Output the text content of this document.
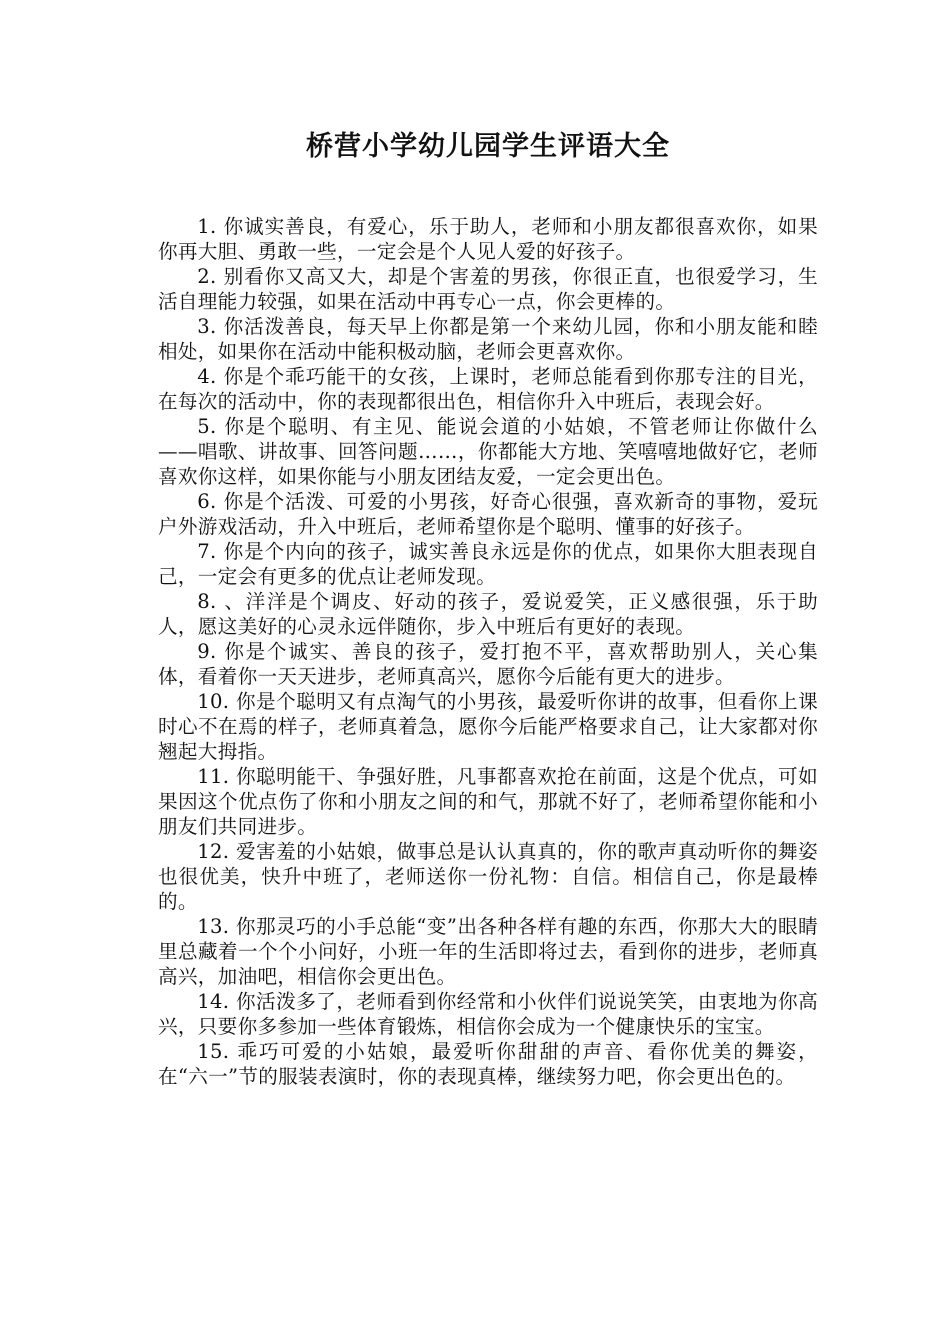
桥营小学幼儿园学生评语大全

1. 你诚实善良，有爱心，乐于助人，老师和小朋友都很喜欢你，如果你再大胆、勇敢一些，一定会是个人见人爱的好孩子。

2. 别看你又高又大，却是个害羞的男孩，你很正直，也很爱学习，生活自理能力较强，如果在活动中再专心一点，你会更棒的。

3. 你活泼善良，每天早上你都是第一个来幼儿园，你和小朋友能和睦相处，如果你在活动中能积极动脑，老师会更喜欢你。

4. 你是个乖巧能干的女孩，上课时，老师总能看到你那专注的目光，在每次的活动中，你的表现都很出色，相信你升入中班后，表现会好。

5. 你是个聪明、有主见、能说会道的小姑娘，不管老师让你做什么——唱歌、讲故事、回答问题……，你都能大方地、笑嘻嘻地做好它，老师喜欢你这样，如果你能与小朋友团结友爱，一定会更出色。

6. 你是个活泼、可爱的小男孩，好奇心很强，喜欢新奇的事物，爱玩户外游戏活动，升入中班后，老师希望你是个聪明、懂事的好孩子。

7. 你是个内向的孩子，诚实善良永远是你的优点，如果你大胆表现自己，一定会有更多的优点让老师发现。

8. 、洋洋是个调皮、好动的孩子，爱说爱笑，正义感很强，乐于助人，愿这美好的心灵永远伴随你，步入中班后有更好的表现。

9. 你是个诚实、善良的孩子，爱打抱不平，喜欢帮助别人，关心集体，看着你一天天进步，老师真高兴，愿你今后能有更大的进步。

10. 你是个聪明又有点淘气的小男孩，最爱听你讲的故事，但看你上课时心不在焉的样子，老师真着急，愿你今后能严格要求自己，让大家都对你翘起大拇指。

11. 你聪明能干、争强好胜，凡事都喜欢抢在前面，这是个优点，可如果因这个优点伤了你和小朋友之间的和气，那就不好了，老师希望你能和小朋友们共同进步。

12. 爱害羞的小姑娘，做事总是认认真真的，你的歌声真动听你的舞姿也很优美，快升中班了，老师送你一份礼物：自信。相信自己，你是最棒的。

13. 你那灵巧的小手总能“变”出各种各样有趣的东西，你那大大的眼睛里总藏着一个个小问好，小班一年的生活即将过去，看到你的进步，老师真高兴，加油吧，相信你会更出色。

14. 你活泼多了，老师看到你经常和小伙伴们说说笑笑，由衷地为你高兴，只要你多参加一些体育锻炼，相信你会成为一个健康快乐的宝宝。

15. 乖巧可爱的小姑娘，最爱听你甜甜的声音、看你优美的舞姿，在“六一”节的服装表演时，你的表现真棒，继续努力吧，你会更出色的。
